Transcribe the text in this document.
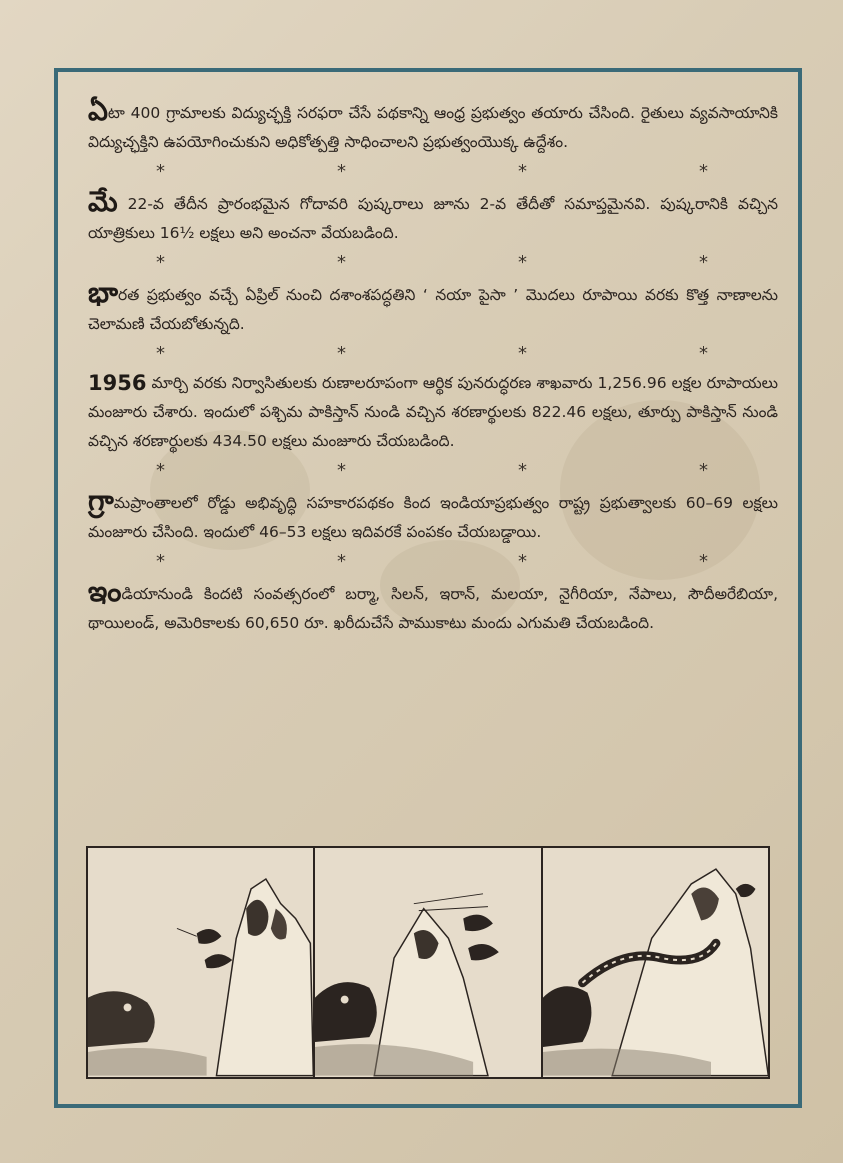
ఏటా 400 గ్రామాలకు విద్యుచ్ఛక్తి సరఫరా చేసే పథకాన్ని ఆంధ్ర ప్రభుత్వం తయారు చేసింది. రైతులు వ్యవసాయానికి విద్యుచ్ఛక్తిని ఉపయోగించుకుని అధికోత్పత్తి సాధించాలని ప్రభుత్వంయొక్క ఉద్దేశం.

*	*	*	*

మే 22-వ తేదీన ప్రారంభమైన గోదావరి పుష్కరాలు జూను 2-వ తేదీతో సమాప్తమైనవి. పుష్కరానికి వచ్చిన యాత్రికులు 16½ లక్షలు అని అంచనా వేయబడింది.

*	*	*	*

భారత ప్రభుత్వం వచ్చే ఏప్రిల్ నుంచి దశాంశపద్ధతిని ‘ నయా పైసా ’ మొదలు రూపాయి వరకు కొత్త నాణాలను చెలామణి చేయబోతున్నది.

*	*	*	*

1956 మార్చి వరకు నిర్వాసితులకు రుణాలరూపంగా ఆర్థిక పునరుద్ధరణ శాఖవారు 1,256.96 లక్షల రూపాయలు మంజూరు చేశారు. ఇందులో పశ్చిమ పాకిస్తాన్ నుండి వచ్చిన శరణార్థులకు 822.46 లక్షలు, తూర్పు పాకిస్తాన్ నుండి వచ్చిన శరణార్థులకు 434.50 లక్షలు మంజూరు చేయబడింది.

*	*	*	*

గ్రామప్రాంతాలలో రోడ్డు అభివృద్ధి సహకారపథకం కింద ఇండియాప్రభుత్వం రాష్ట్ర ప్రభుత్వాలకు 60–69 లక్షలు మంజూరు చేసింది. ఇందులో 46–53 లక్షలు ఇదివరకే పంపకం చేయబడ్డాయి.

*	*	*	*

ఇండియానుండి కిందటి సంవత్సరంలో బర్మా, సిలన్, ఇరాన్, మలయా, నైగీరియా, నేపాలు, సౌదీఅరేబియా, థాయిలండ్, అమెరికాలకు 60,650 రూ. ఖరీదుచేసే పాముకాటు మందు ఎగుమతి చేయబడింది.
